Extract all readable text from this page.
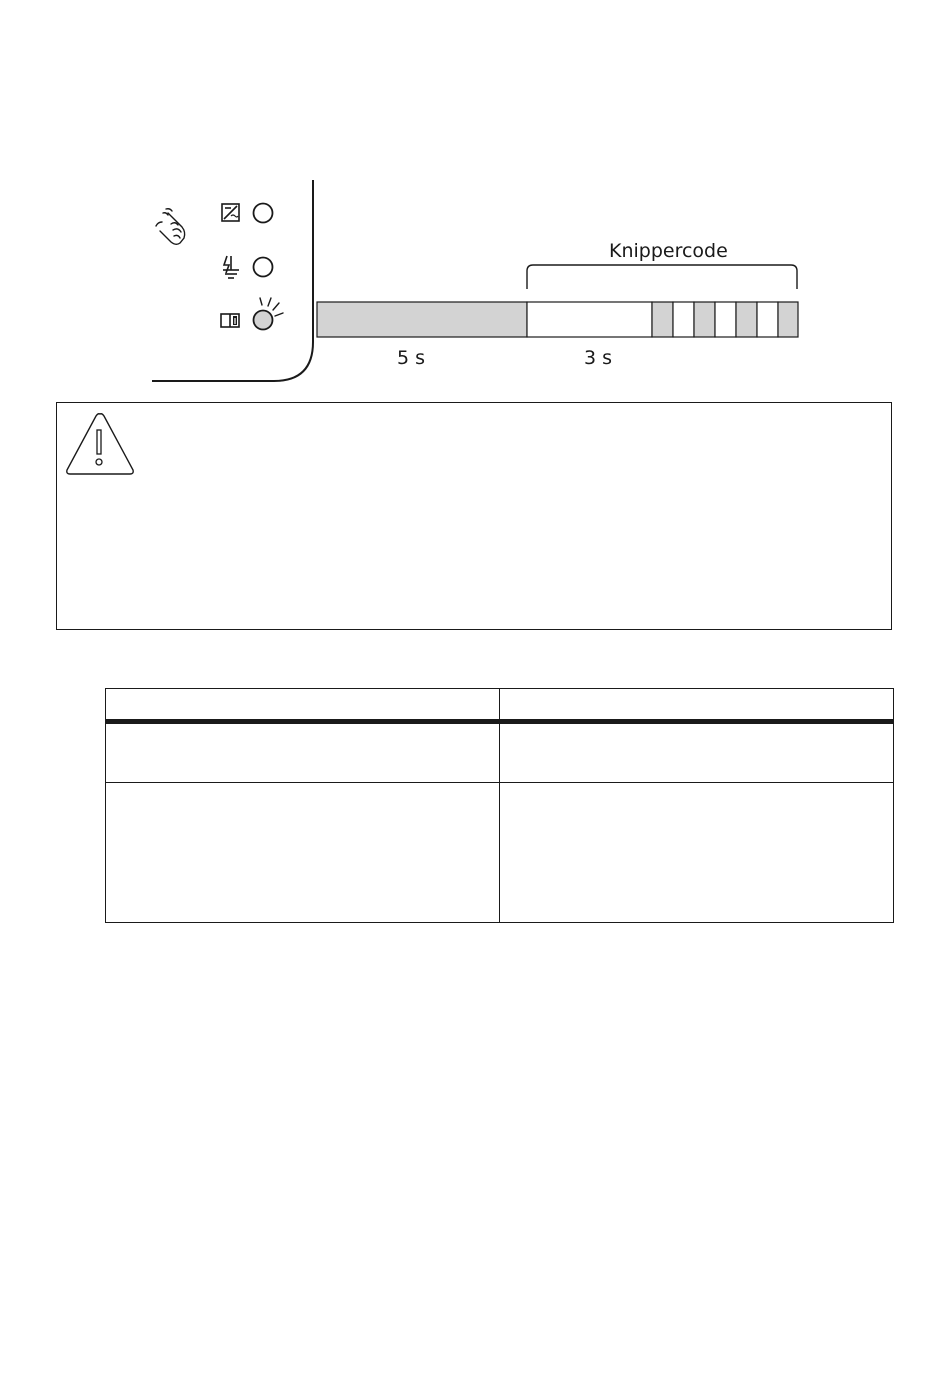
Knippercode
5 s	3 s
